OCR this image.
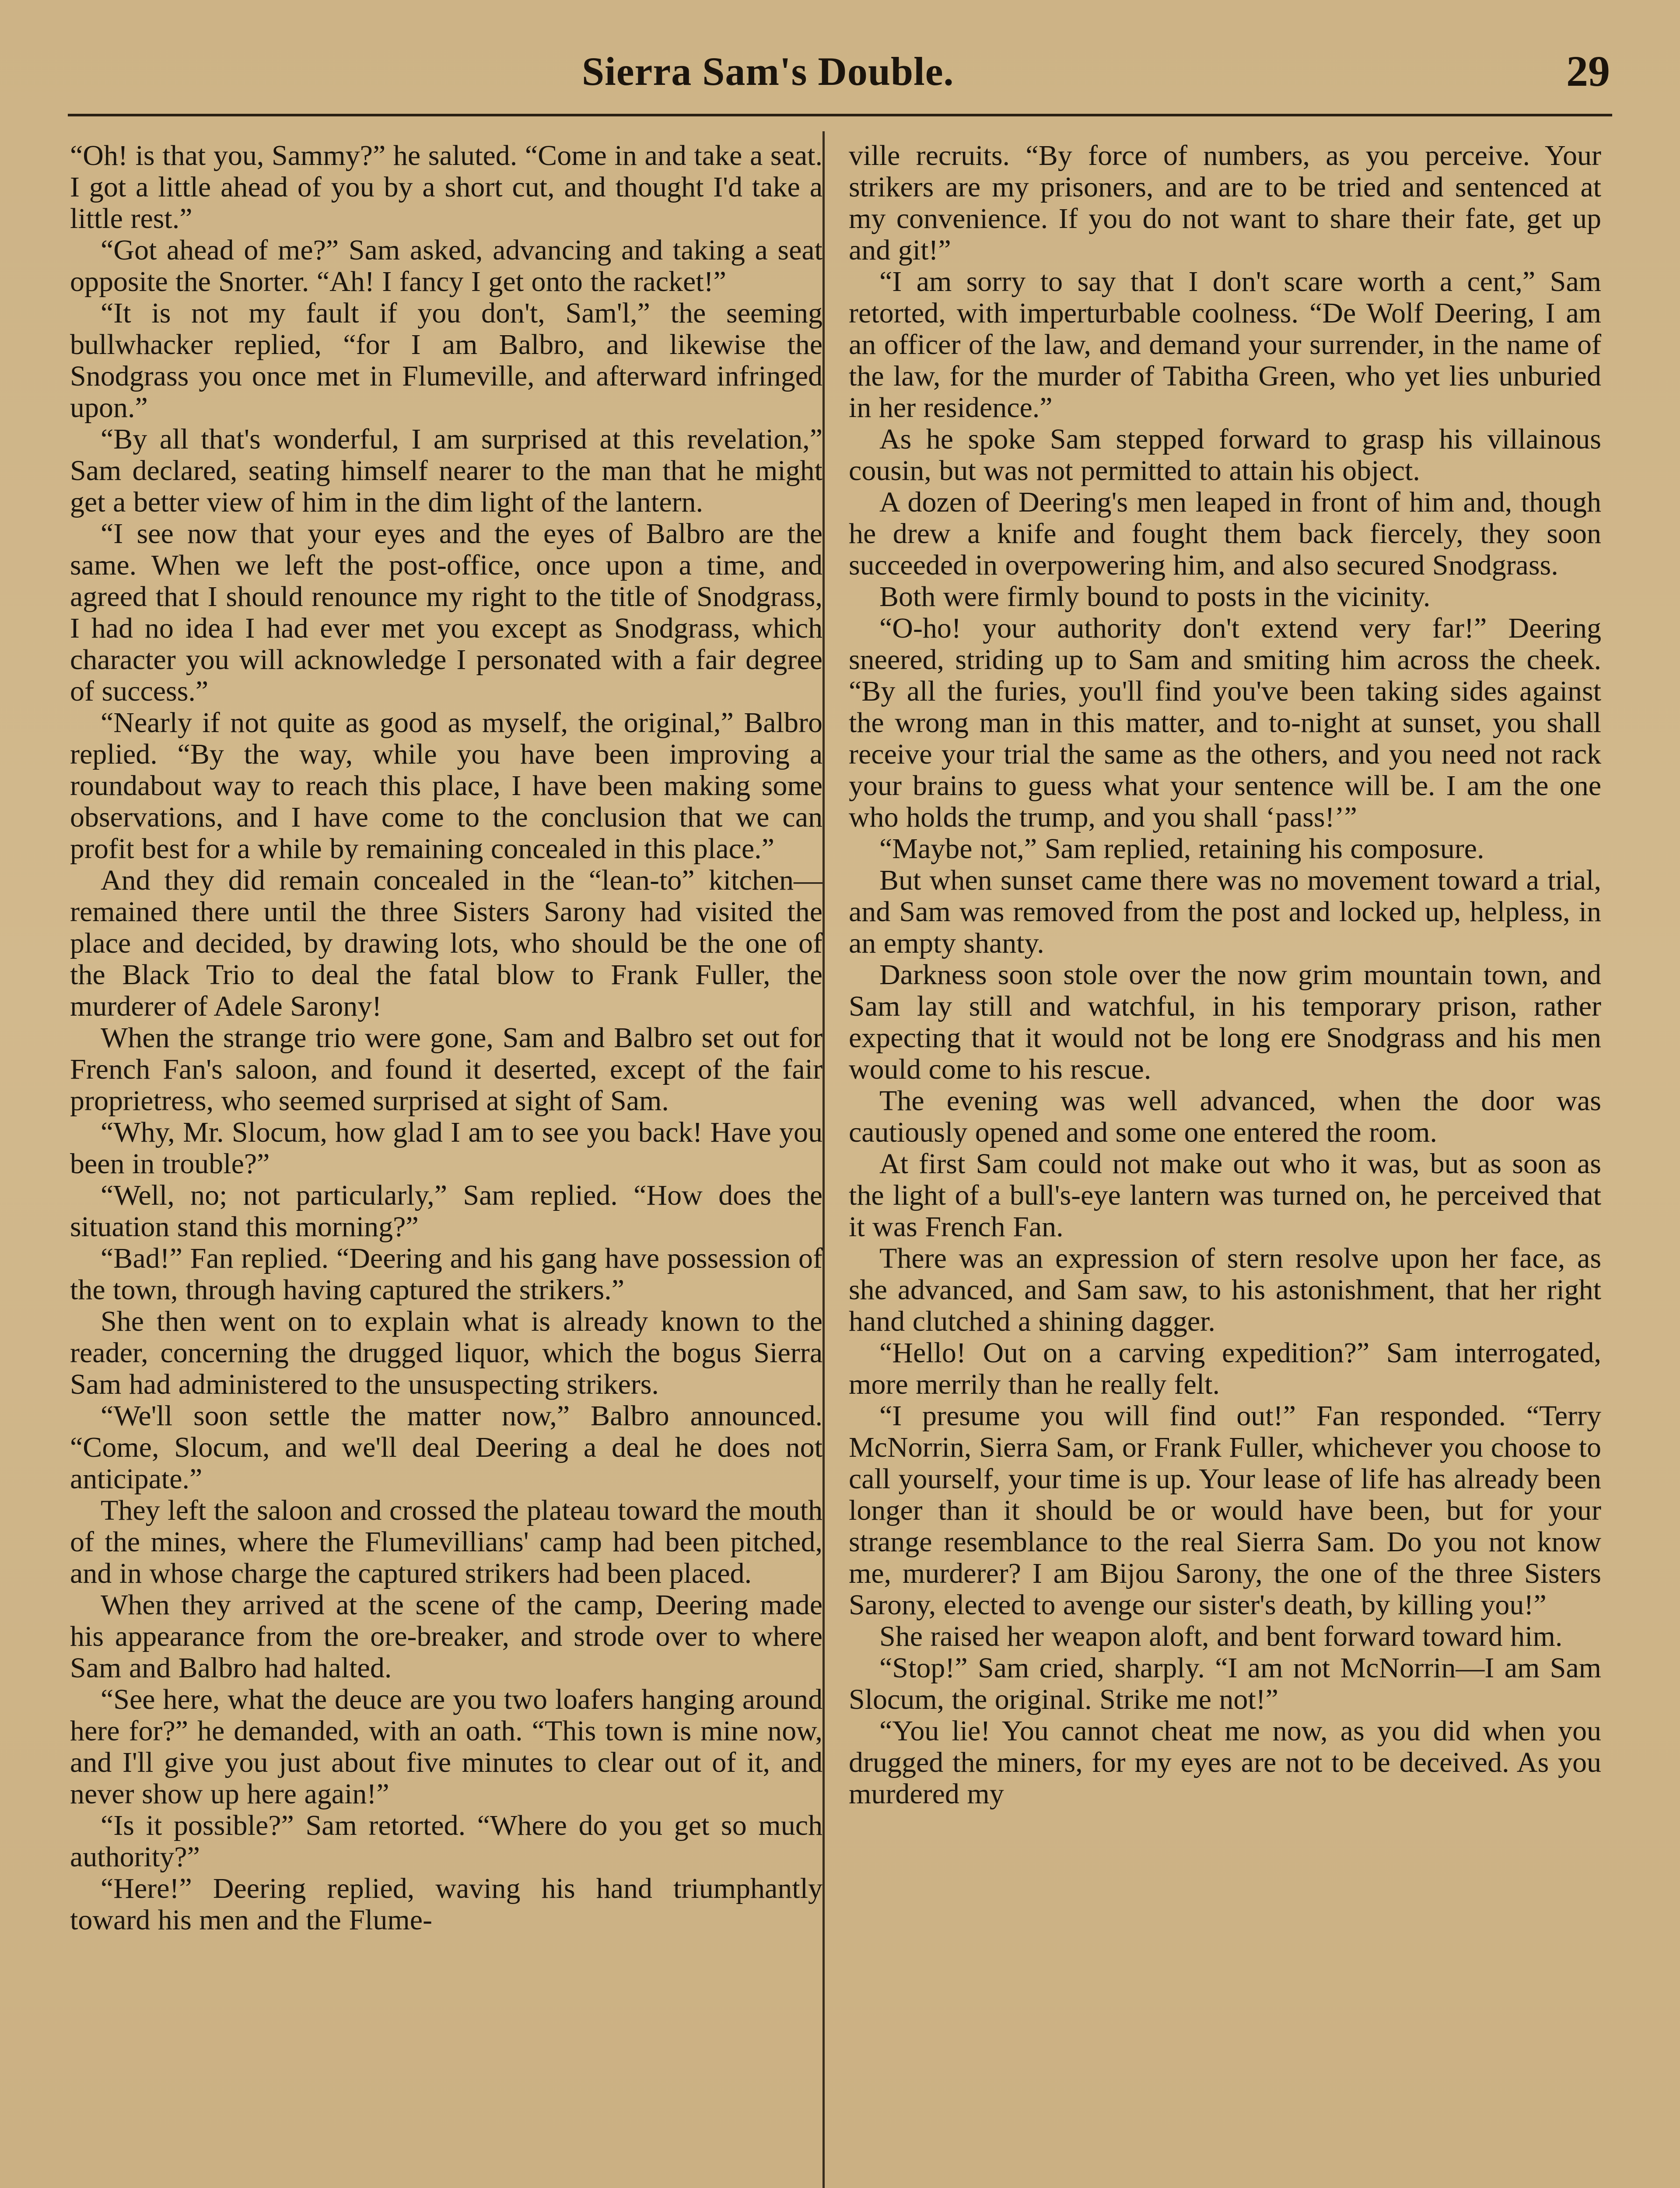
Sierra Sam's Double.	29

“Oh! is that you, Sammy?” he saluted. “Come in and take a seat. I got a little ahead of you by a short cut, and thought I'd take a little rest.”

“Got ahead of me?” Sam asked, advancing and taking a seat opposite the Snorter. “Ah! I fancy I get onto the racket!”

“It is not my fault if you don't, Sam'l,” the seeming bullwhacker replied, “for I am Balbro, and likewise the Snodgrass you once met in Flumeville, and afterward infringed upon.”

“By all that's wonderful, I am surprised at this revelation,” Sam declared, seating himself nearer to the man that he might get a better view of him in the dim light of the lantern.

“I see now that your eyes and the eyes of Balbro are the same. When we left the post-office, once upon a time, and agreed that I should renounce my right to the title of Snodgrass, I had no idea I had ever met you except as Snodgrass, which character you will acknowledge I personated with a fair degree of success.”

“Nearly if not quite as good as myself, the original,” Balbro replied. “By the way, while you have been improving a roundabout way to reach this place, I have been making some observations, and I have come to the conclusion that we can profit best for a while by remaining concealed in this place.”

And they did remain concealed in the “lean-to” kitchen—remained there until the three Sisters Sarony had visited the place and decided, by drawing lots, who should be the one of the Black Trio to deal the fatal blow to Frank Fuller, the murderer of Adele Sarony!

When the strange trio were gone, Sam and Balbro set out for French Fan's saloon, and found it deserted, except of the fair proprietress, who seemed surprised at sight of Sam.

“Why, Mr. Slocum, how glad I am to see you back! Have you been in trouble?”

“Well, no; not particularly,” Sam replied. “How does the situation stand this morning?”

“Bad!” Fan replied. “Deering and his gang have possession of the town, through having captured the strikers.”

She then went on to explain what is already known to the reader, concerning the drugged liquor, which the bogus Sierra Sam had administered to the unsuspecting strikers.

“We'll soon settle the matter now,” Balbro announced. “Come, Slocum, and we'll deal Deering a deal he does not anticipate.”

They left the saloon and crossed the plateau toward the mouth of the mines, where the Flumevillians' camp had been pitched, and in whose charge the captured strikers had been placed.

When they arrived at the scene of the camp, Deering made his appearance from the ore-breaker, and strode over to where Sam and Balbro had halted.

“See here, what the deuce are you two loafers hanging around here for?” he demanded, with an oath. “This town is mine now, and I'll give you just about five minutes to clear out of it, and never show up here again!”

“Is it possible?” Sam retorted. “Where do you get so much authority?”

“Here!” Deering replied, waving his hand triumphantly toward his men and the Flume-

ville recruits. “By force of numbers, as you perceive. Your strikers are my prisoners, and are to be tried and sentenced at my convenience. If you do not want to share their fate, get up and git!”

“I am sorry to say that I don't scare worth a cent,” Sam retorted, with imperturbable coolness. “De Wolf Deering, I am an officer of the law, and demand your surrender, in the name of the law, for the murder of Tabitha Green, who yet lies unburied in her residence.”

As he spoke Sam stepped forward to grasp his villainous cousin, but was not permitted to attain his object.

A dozen of Deering's men leaped in front of him and, though he drew a knife and fought them back fiercely, they soon succeeded in overpowering him, and also secured Snodgrass.

Both were firmly bound to posts in the vicinity.

“O-ho! your authority don't extend very far!” Deering sneered, striding up to Sam and smiting him across the cheek. “By all the furies, you'll find you've been taking sides against the wrong man in this matter, and to-night at sunset, you shall receive your trial the same as the others, and you need not rack your brains to guess what your sentence will be. I am the one who holds the trump, and you shall ‘pass!’”

“Maybe not,” Sam replied, retaining his composure.

But when sunset came there was no movement toward a trial, and Sam was removed from the post and locked up, helpless, in an empty shanty.

Darkness soon stole over the now grim mountain town, and Sam lay still and watchful, in his temporary prison, rather expecting that it would not be long ere Snodgrass and his men would come to his rescue.

The evening was well advanced, when the door was cautiously opened and some one entered the room.

At first Sam could not make out who it was, but as soon as the light of a bull's-eye lantern was turned on, he perceived that it was French Fan.

There was an expression of stern resolve upon her face, as she advanced, and Sam saw, to his astonishment, that her right hand clutched a shining dagger.

“Hello! Out on a carving expedition?” Sam interrogated, more merrily than he really felt.

“I presume you will find out!” Fan responded. “Terry McNorrin, Sierra Sam, or Frank Fuller, whichever you choose to call yourself, your time is up. Your lease of life has already been longer than it should be or would have been, but for your strange resemblance to the real Sierra Sam. Do you not know me, murderer? I am Bijou Sarony, the one of the three Sisters Sarony, elected to avenge our sister's death, by killing you!”

She raised her weapon aloft, and bent forward toward him.

“Stop!” Sam cried, sharply. “I am not McNorrin—I am Sam Slocum, the original. Strike me not!”

“You lie! You cannot cheat me now, as you did when you drugged the miners, for my eyes are not to be deceived. As you murdered my
